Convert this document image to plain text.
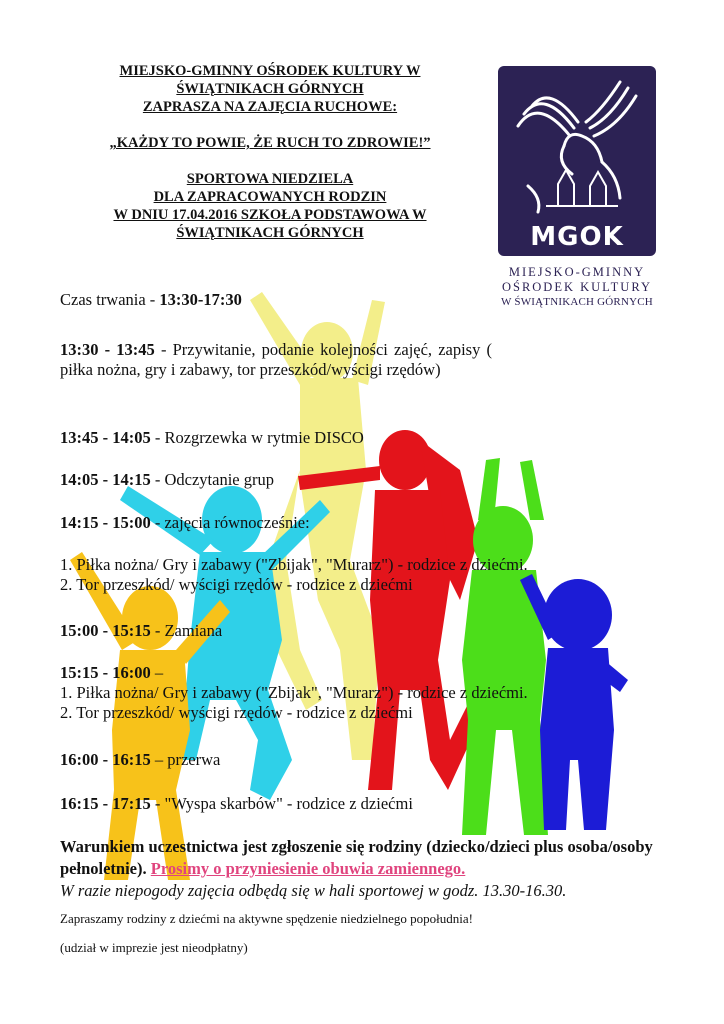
MIEJSKO-GMINNY OŚRODEK KULTURY W
ŚWIĄTNIKACH GÓRNYCH
ZAPRASZA NA ZAJĘCIA RUCHOWE:
„KAŻDY TO POWIE, ŻE RUCH TO ZDROWIE!”
SPORTOWA NIEDZIELA
DLA ZAPRACOWANYCH RODZIN
W DNIU 17.04.2016 SZKOŁA PODSTAWOWA W
ŚWIĄTNIKACH GÓRNYCH	MGOK
MIEJSKO-GMINNY
OŚRODEK KULTURY
W ŚWIĄTNIKACH GÓRNYCH

Czas trwania - 13:30-17:30

13:30 - 13:45 - Przywitanie, podanie kolejności zajęć, zapisy ( piłka nożna, gry i zabawy, tor przeszkód/wyścigi rzędów)

13:45 - 14:05 - Rozgrzewka w rytmie DISCO

14:05 - 14:15 - Odczytanie grup

14:15 - 15:00 - zajęcia równocześnie:

1. Piłka nożna/ Gry i zabawy ("Zbijak", "Murarz") - rodzice z dziećmi.

2. Tor przeszkód/ wyścigi rzędów - rodzice z dziećmi

15:00 - 15:15 - Zamiana

15:15 - 16:00 –

1. Piłka nożna/ Gry i zabawy ("Zbijak", "Murarz") - rodzice z dziećmi.

2. Tor przeszkód/ wyścigi rzędów - rodzice z dziećmi

16:00 - 16:15 – przerwa

16:15 - 17:15 - "Wyspa skarbów" - rodzice z dziećmi

Warunkiem uczestnictwa jest zgłoszenie się rodziny (dziecko/dzieci plus osoba/osoby pełnoletnie). Prosimy o przyniesienie obuwia zamiennego.
W razie niepogody zajęcia odbędą się w hali sportowej w godz. 13.30-16.30.
Zapraszamy rodziny z dziećmi na aktywne spędzenie niedzielnego popołudnia!
(udział w imprezie jest nieodpłatny)
